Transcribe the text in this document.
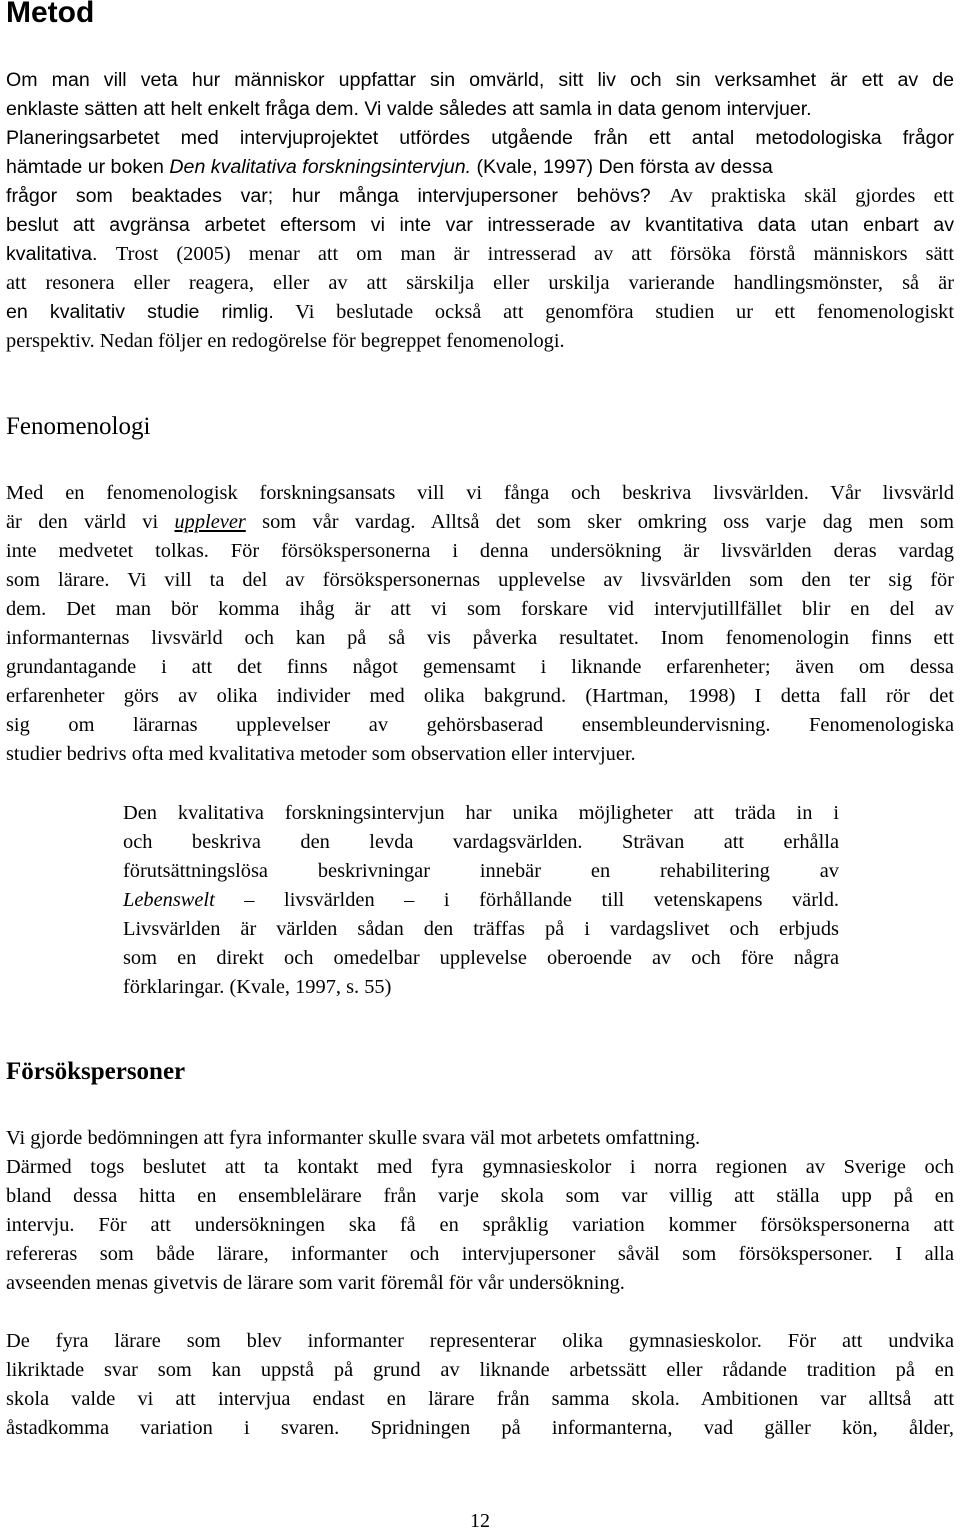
Metod
Om man vill veta hur människor uppfattar sin omvärld, sitt liv och sin verksamhet är ett av de
enklaste sätten att helt enkelt fråga dem. Vi valde således att samla in data genom intervjuer.
Planeringsarbetet med intervjuprojektet utfördes utgående från ett antal metodologiska frågor
hämtade ur boken Den kvalitativa forskningsintervjun. (Kvale, 1997) Den första av dessa
frågor som beaktades var; hur många intervjupersoner behövs? Av praktiska skäl gjordes ett
beslut att avgränsa arbetet eftersom vi inte var intresserade av kvantitativa data utan enbart av
kvalitativa. Trost (2005) menar att om man är intresserad av att försöka förstå människors sätt
att resonera eller reagera, eller av att särskilja eller urskilja varierande handlingsmönster, så är
en kvalitativ studie rimlig. Vi beslutade också att genomföra studien ur ett fenomenologiskt
perspektiv. Nedan följer en redogörelse för begreppet fenomenologi.
Fenomenologi
Med en fenomenologisk forskningsansats vill vi fånga och beskriva livsvärlden. Vår livsvärld
är den värld vi upplever som vår vardag. Alltså det som sker omkring oss varje dag men som
inte medvetet tolkas. För försökspersonerna i denna undersökning är livsvärlden deras vardag
som lärare. Vi vill ta del av försökspersonernas upplevelse av livsvärlden som den ter sig för
dem. Det man bör komma ihåg är att vi som forskare vid intervjutillfället blir en del av
informanternas livsvärld och kan på så vis påverka resultatet. Inom fenomenologin finns ett
grundantagande i att det finns något gemensamt i liknande erfarenheter; även om dessa
erfarenheter görs av olika individer med olika bakgrund. (Hartman, 1998) I detta fall rör det
sig om lärarnas upplevelser av gehörsbaserad ensembleundervisning. Fenomenologiska
studier bedrivs ofta med kvalitativa metoder som observation eller intervjuer.
Den kvalitativa forskningsintervjun har unika möjligheter att träda in i
och beskriva den levda vardagsvärlden. Strävan att erhålla
förutsättningslösa beskrivningar innebär en rehabilitering av
Lebenswelt – livsvärlden – i förhållande till vetenskapens värld.
Livsvärlden är världen sådan den träffas på i vardagslivet och erbjuds
som en direkt och omedelbar upplevelse oberoende av och före några
förklaringar. (Kvale, 1997, s. 55)
Försökspersoner
Vi gjorde bedömningen att fyra informanter skulle svara väl mot arbetets omfattning.
Därmed togs beslutet att ta kontakt med fyra gymnasieskolor i norra regionen av Sverige och
bland dessa hitta en ensemblelärare från varje skola som var villig att ställa upp på en
intervju. För att undersökningen ska få en språklig variation kommer försökspersonerna att
refereras som både lärare, informanter och intervjupersoner såväl som försökspersoner. I alla
avseenden menas givetvis de lärare som varit föremål för vår undersökning.
De fyra lärare som blev informanter representerar olika gymnasieskolor. För att undvika
likriktade svar som kan uppstå på grund av liknande arbetssätt eller rådande tradition på en
skola valde vi att intervjua endast en lärare från samma skola. Ambitionen var alltså att
åstadkomma variation i svaren. Spridningen på informanterna, vad gäller kön, ålder,
12
